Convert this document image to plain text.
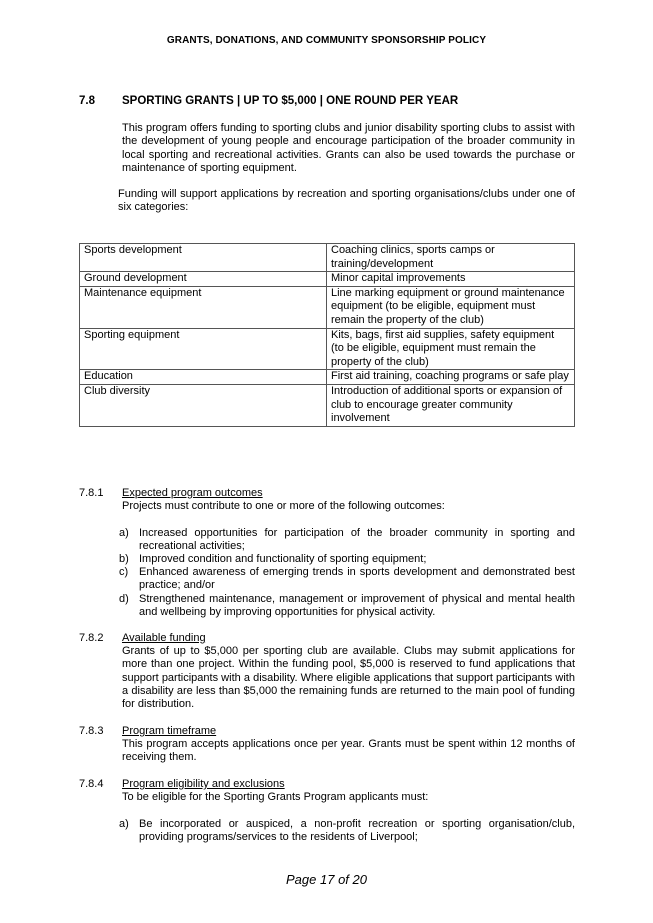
GRANTS, DONATIONS, AND COMMUNITY SPONSORSHIP POLICY
7.8 SPORTING GRANTS | UP TO $5,000 | ONE ROUND PER YEAR
This program offers funding to sporting clubs and junior disability sporting clubs to assist with the development of young people and encourage participation of the broader community in local sporting and recreational activities. Grants can also be used towards the purchase or maintenance of sporting equipment.
Funding will support applications by recreation and sporting organisations/clubs under one of six categories:
Sports development	Coaching clinics, sports camps or training/development
Ground development	Minor capital improvements
Maintenance equipment	Line marking equipment or ground maintenance equipment (to be eligible, equipment must remain the property of the club)
Sporting equipment	Kits, bags, first aid supplies, safety equipment (to be eligible, equipment must remain the property of the club)
Education	First aid training, coaching programs or safe play
Club diversity	Introduction of additional sports or expansion of club to encourage greater community involvement
7.8.1 Expected program outcomes
Projects must contribute to one or more of the following outcomes:
a) Increased opportunities for participation of the broader community in sporting and recreational activities;
b) Improved condition and functionality of sporting equipment;
c) Enhanced awareness of emerging trends in sports development and demonstrated best practice; and/or
d) Strengthened maintenance, management or improvement of physical and mental health and wellbeing by improving opportunities for physical activity.
7.8.2 Available funding
Grants of up to $5,000 per sporting club are available. Clubs may submit applications for more than one project. Within the funding pool, $5,000 is reserved to fund applications that support participants with a disability. Where eligible applications that support participants with a disability are less than $5,000 the remaining funds are returned to the main pool of funding for distribution.
7.8.3 Program timeframe
This program accepts applications once per year. Grants must be spent within 12 months of receiving them.
7.8.4 Program eligibility and exclusions
To be eligible for the Sporting Grants Program applicants must:
a) Be incorporated or auspiced, a non-profit recreation or sporting organisation/club, providing programs/services to the residents of Liverpool;
Page 17 of 20
